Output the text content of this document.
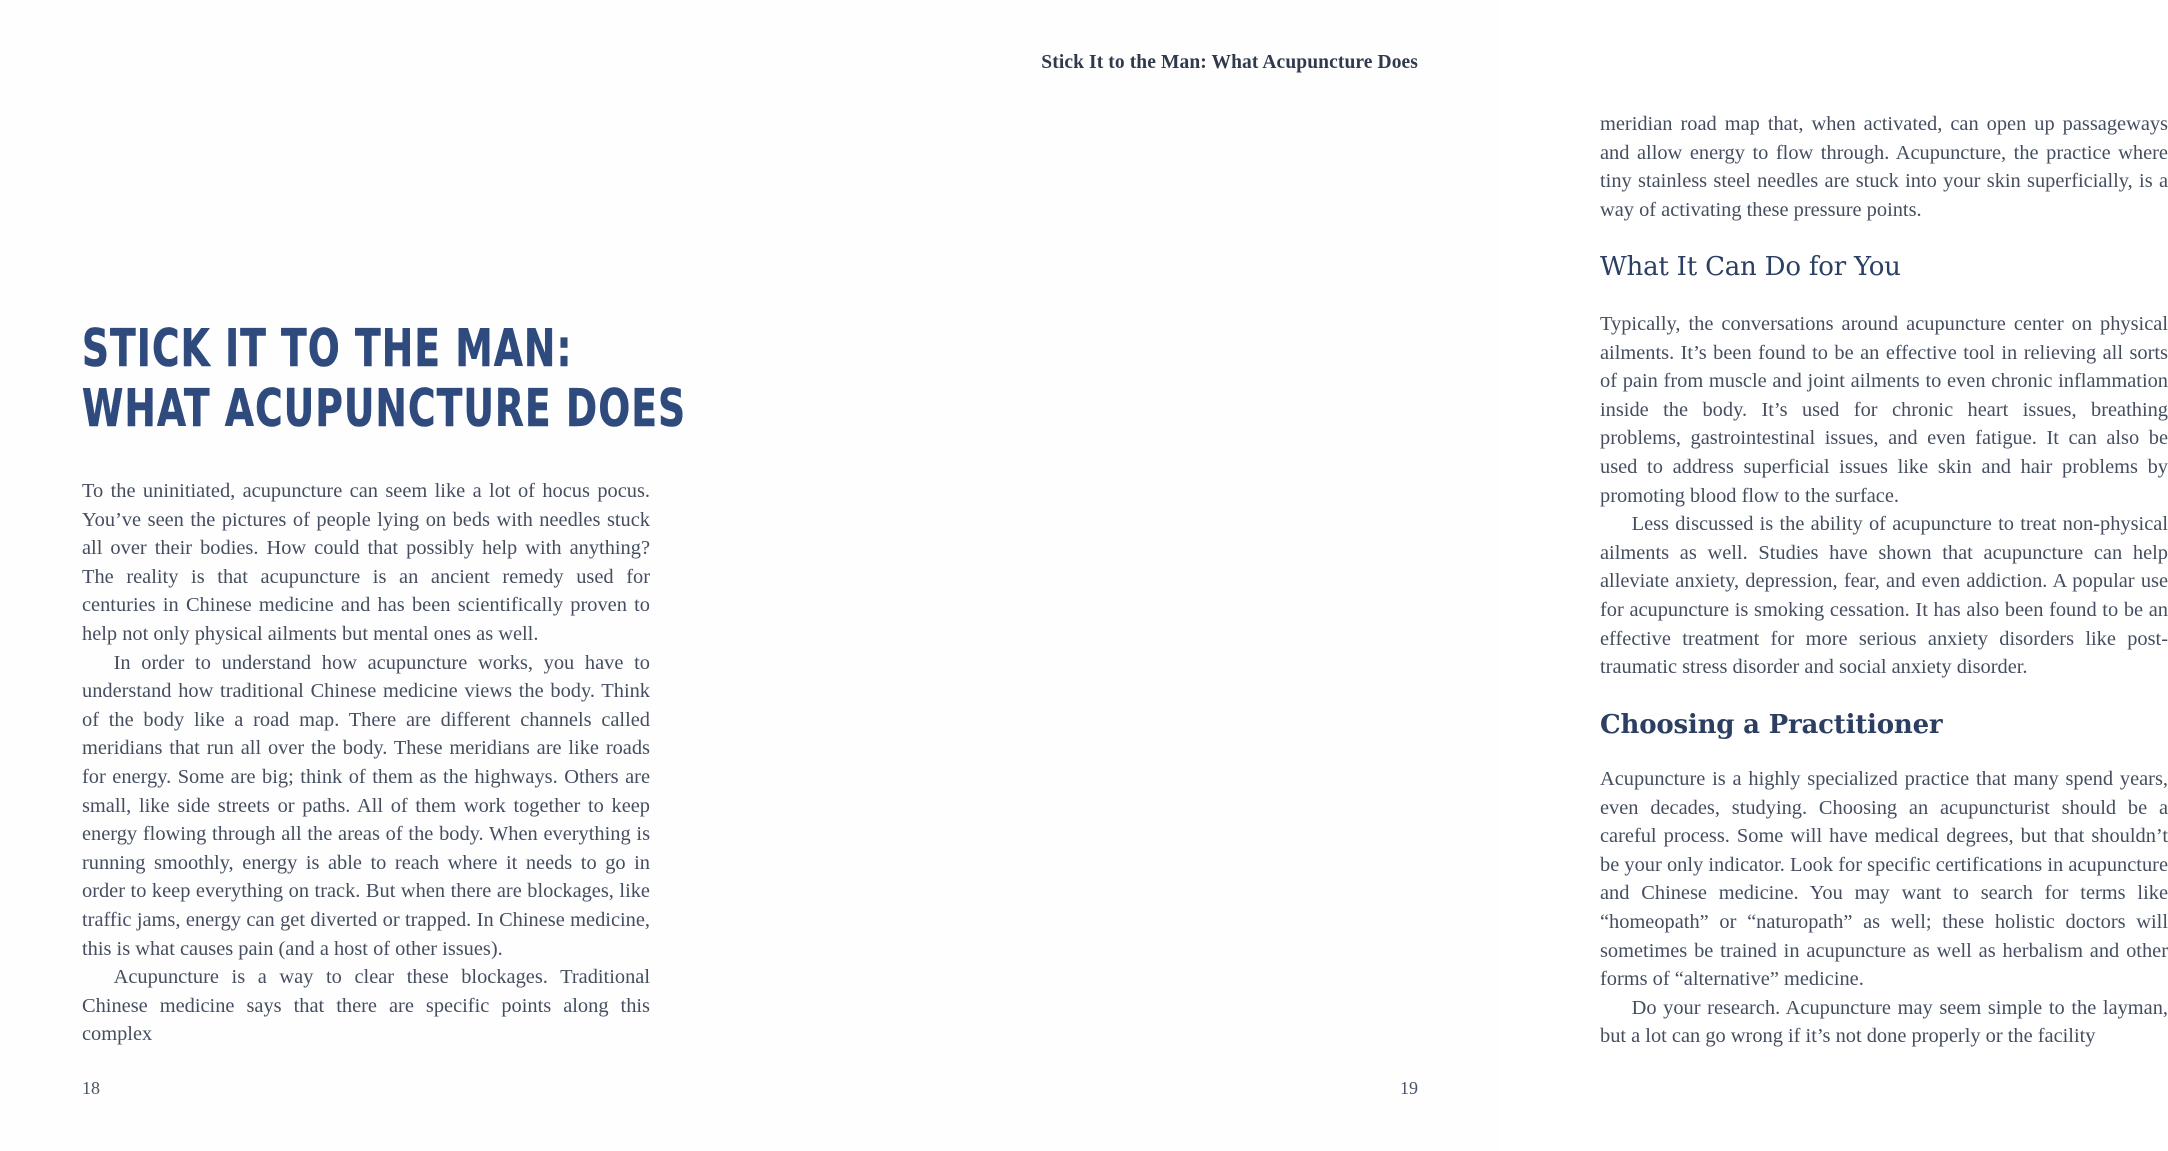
STICK IT TO THE MAN:
WHAT ACUPUNCTURE DOES

To the uninitiated, acupuncture can seem like a lot of hocus pocus. You’ve seen the pictures of people lying on beds with needles stuck all over their bodies. How could that possibly help with anything? The reality is that acupuncture is an ancient remedy used for centuries in Chinese medicine and has been scientifically proven to help not only physical ailments but mental ones as well.

In order to understand how acupuncture works, you have to understand how traditional Chinese medicine views the body. Think of the body like a road map. There are different channels called meridians that run all over the body. These meridians are like roads for energy. Some are big; think of them as the highways. Others are small, like side streets or paths. All of them work together to keep energy flowing through all the areas of the body. When everything is running smoothly, energy is able to reach where it needs to go in order to keep everything on track. But when there are blockages, like traffic jams, energy can get diverted or trapped. In Chinese medicine, this is what causes pain (and a host of other issues).

Acupuncture is a way to clear these blockages. Traditional Chinese medicine says that there are specific points along this complex

18
Stick It to the Man: What Acupuncture Does

meridian road map that, when activated, can open up passageways and allow energy to flow through. Acupuncture, the practice where tiny stainless steel needles are stuck into your skin superficially, is a way of activating these pressure points.

What It Can Do for You

Typically, the conversations around acupuncture center on physical ailments. It’s been found to be an effective tool in relieving all sorts of pain from muscle and joint ailments to even chronic inflammation inside the body. It’s used for chronic heart issues, breathing problems, gastrointestinal issues, and even fatigue. It can also be used to address superficial issues like skin and hair problems by promoting blood flow to the surface.

Less discussed is the ability of acupuncture to treat non-physical ailments as well. Studies have shown that acupuncture can help alleviate anxiety, depression, fear, and even addiction. A popular use for acupuncture is smoking cessation. It has also been found to be an effective treatment for more serious anxiety disorders like post-traumatic stress disorder and social anxiety disorder.

Choosing a Practitioner

Acupuncture is a highly specialized practice that many spend years, even decades, studying. Choosing an acupuncturist should be a careful process. Some will have medical degrees, but that shouldn’t be your only indicator. Look for specific certifications in acupuncture and Chinese medicine. You may want to search for terms like “homeopath” or “naturopath” as well; these holistic doctors will sometimes be trained in acupuncture as well as herbalism and other forms of “alternative” medicine.

Do your research. Acupuncture may seem simple to the layman, but a lot can go wrong if it’s not done properly or the facility

19
